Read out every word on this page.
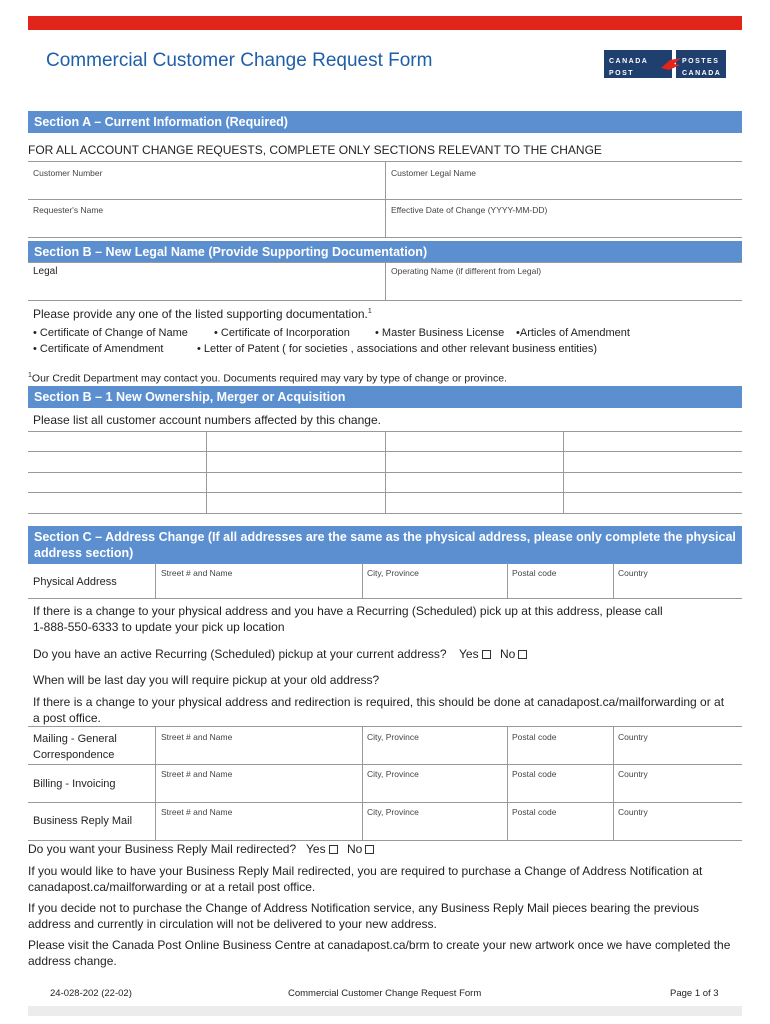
Commercial Customer Change Request Form	CANADA
POST
POSTES
CANADA
Section A – Current Information (Required)
FOR ALL ACCOUNT CHANGE REQUESTS, COMPLETE ONLY SECTIONS RELEVANT TO THE CHANGE
Customer Number	Customer Legal Name
Requester's Name	Effective Date of Change (YYYY-MM-DD)
Section B – New Legal Name (Provide Supporting Documentation)
Legal	Operating Name (if different from Legal)
Please provide any one of the listed supporting documentation.$^1$
• Certificate of Change of Name • Certificate of Incorporation • Master Business License •Articles of Amendment
• Certificate of Amendment	• Letter of Patent ( for societies , associations and other relevant business entities)
$^1$Our Credit Department may contact you. Documents required may vary by type of change or province.
Section B – 1 New Ownership, Merger or Acquisition
Please list all customer account numbers affected by this change.
Section C – Address Change (If all addresses are the same as the physical address, please only complete the physical
address section)
Physical Address
Street # and Name	City, Province	Postal code	Country
If there is a change to your physical address and you have a Recurring (Scheduled) pick up at this address, please call
1-888-550-6333 to update your pick up location
Do you have an active Recurring (Scheduled) pickup at your current address? Yes	No
When will be last day you will require pickup at your old address?
If there is a change to your physical address and redirection is required, this should be done at canadapost.ca/mailforwarding or at
a post office.
Mailing - General
Correspondence
Street # and Name	City, Province	Postal code	Country
Billing - Invoicing
Street # and Name	City, Province	Postal code	Country
Business Reply Mail
Street # and Name	City, Province	Postal code	Country
Do you want your Business Reply Mail redirected? Yes	No
If you would like to have your Business Reply Mail redirected, you are required to purchase a Change of Address Notification at
canadapost.ca/mailforwarding or at a retail post office.
If you decide not to purchase the Change of Address Notification service, any Business Reply Mail pieces bearing the previous
address and currently in circulation will not be delivered to your new address.
Please visit the Canada Post Online Business Centre at canadapost.ca/brm to create your new artwork once we have completed the
address change.
24-028-202 (22-02)	Commercial Customer Change Request Form	Page 1 of 3
